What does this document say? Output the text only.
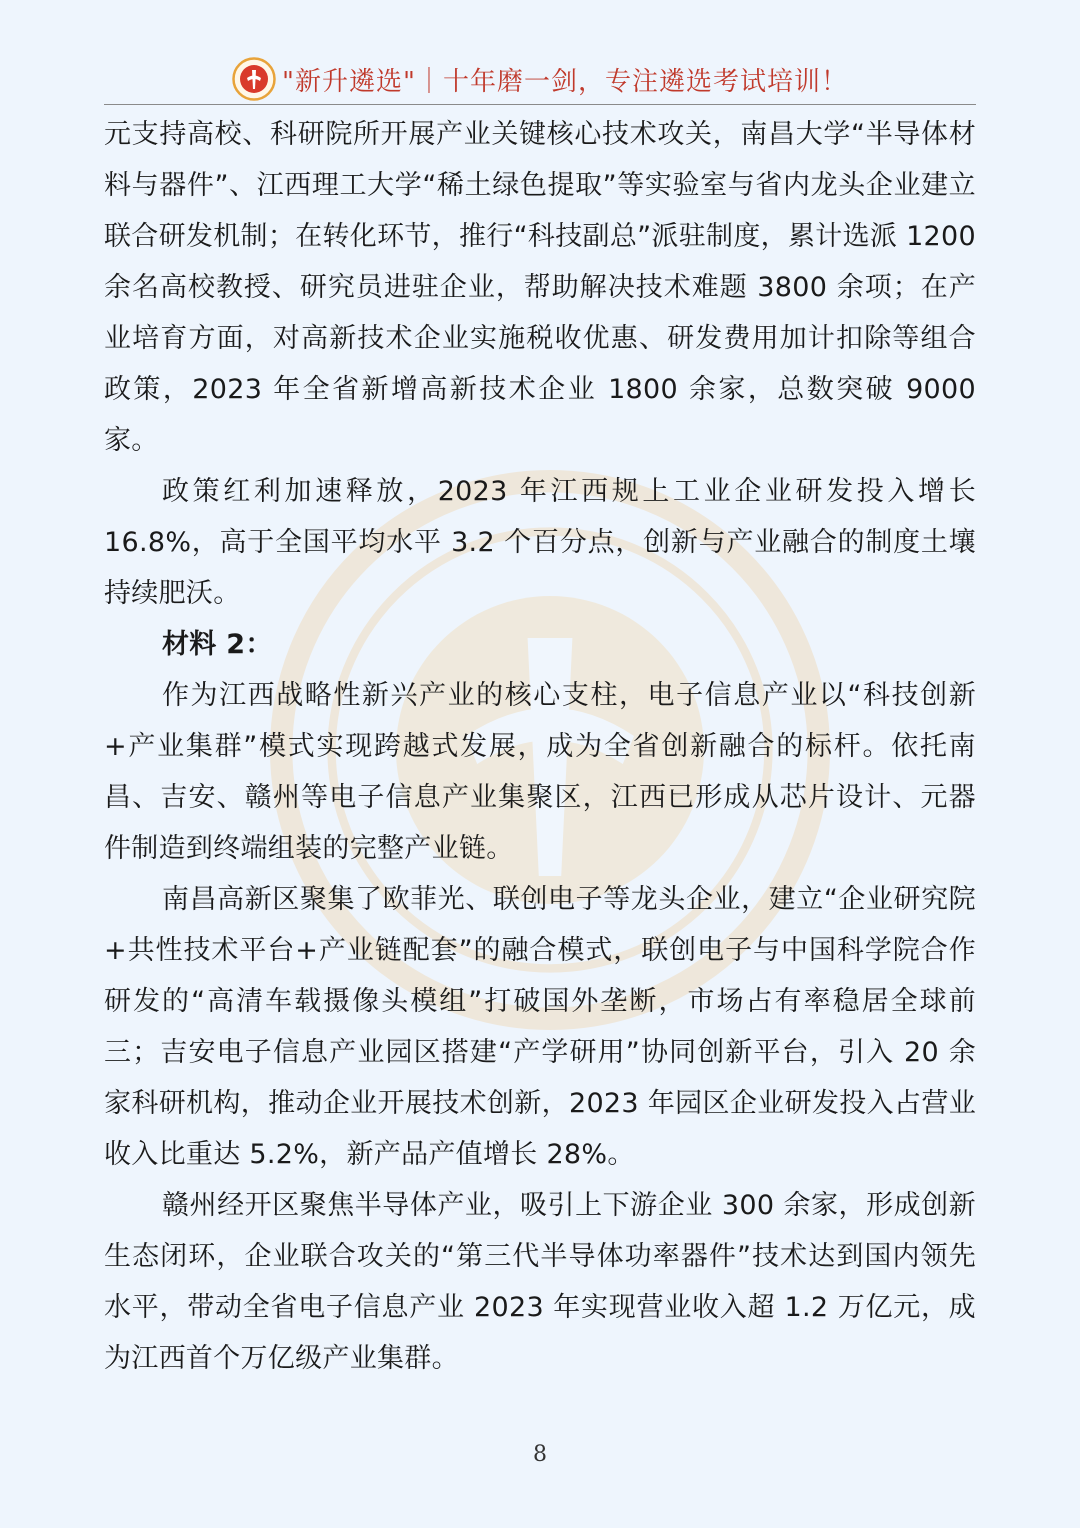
"新升遴选"｜十年磨一剑，专注遴选考试培训！

元支持高校、科研院所开展产业关键核心技术攻关，南昌大学“半导体材料与器件”、江西理工大学“稀土绿色提取”等实验室与省内龙头企业建立联合研发机制；在转化环节，推行“科技副总”派驻制度，累计选派 1200 余名高校教授、研究员进驻企业，帮助解决技术难题 3800 余项；在产业培育方面，对高新技术企业实施税收优惠、研发费用加计扣除等组合政策，2023 年全省新增高新技术企业 1800 余家，总数突破 9000 家。

政策红利加速释放，2023 年江西规上工业企业研发投入增长 16.8%，高于全国平均水平 3.2 个百分点，创新与产业融合的制度土壤持续肥沃。

材料 2：

作为江西战略性新兴产业的核心支柱，电子信息产业以“科技创新+产业集群”模式实现跨越式发展，成为全省创新融合的标杆。依托南昌、吉安、赣州等电子信息产业集聚区，江西已形成从芯片设计、元器件制造到终端组装的完整产业链。

南昌高新区聚集了欧菲光、联创电子等龙头企业，建立“企业研究院+共性技术平台+产业链配套”的融合模式，联创电子与中国科学院合作研发的“高清车载摄像头模组”打破国外垄断，市场占有率稳居全球前三；吉安电子信息产业园区搭建“产学研用”协同创新平台，引入 20 余家科研机构，推动企业开展技术创新，2023 年园区企业研发投入占营业收入比重达 5.2%，新产品产值增长 28%。

赣州经开区聚焦半导体产业，吸引上下游企业 300 余家，形成创新生态闭环，企业联合攻关的“第三代半导体功率器件”技术达到国内领先水平，带动全省电子信息产业 2023 年实现营业收入超 1.2 万亿元，成为江西首个万亿级产业集群。

8
